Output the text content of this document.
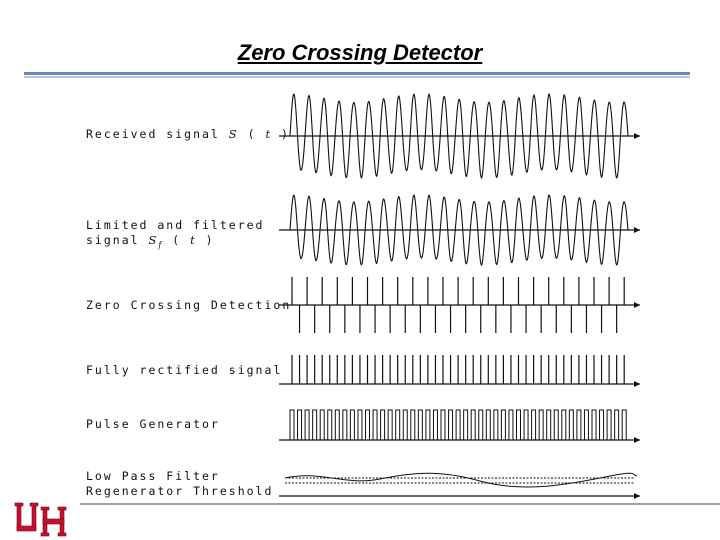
Zero Crossing Detector
Received signal S ( t )
Limited and filtered
signal $S_f$ ( t )
Zero Crossing Detection
Fully rectified signal
Pulse Generator
Low Pass Filter
Regenerator Threshold
